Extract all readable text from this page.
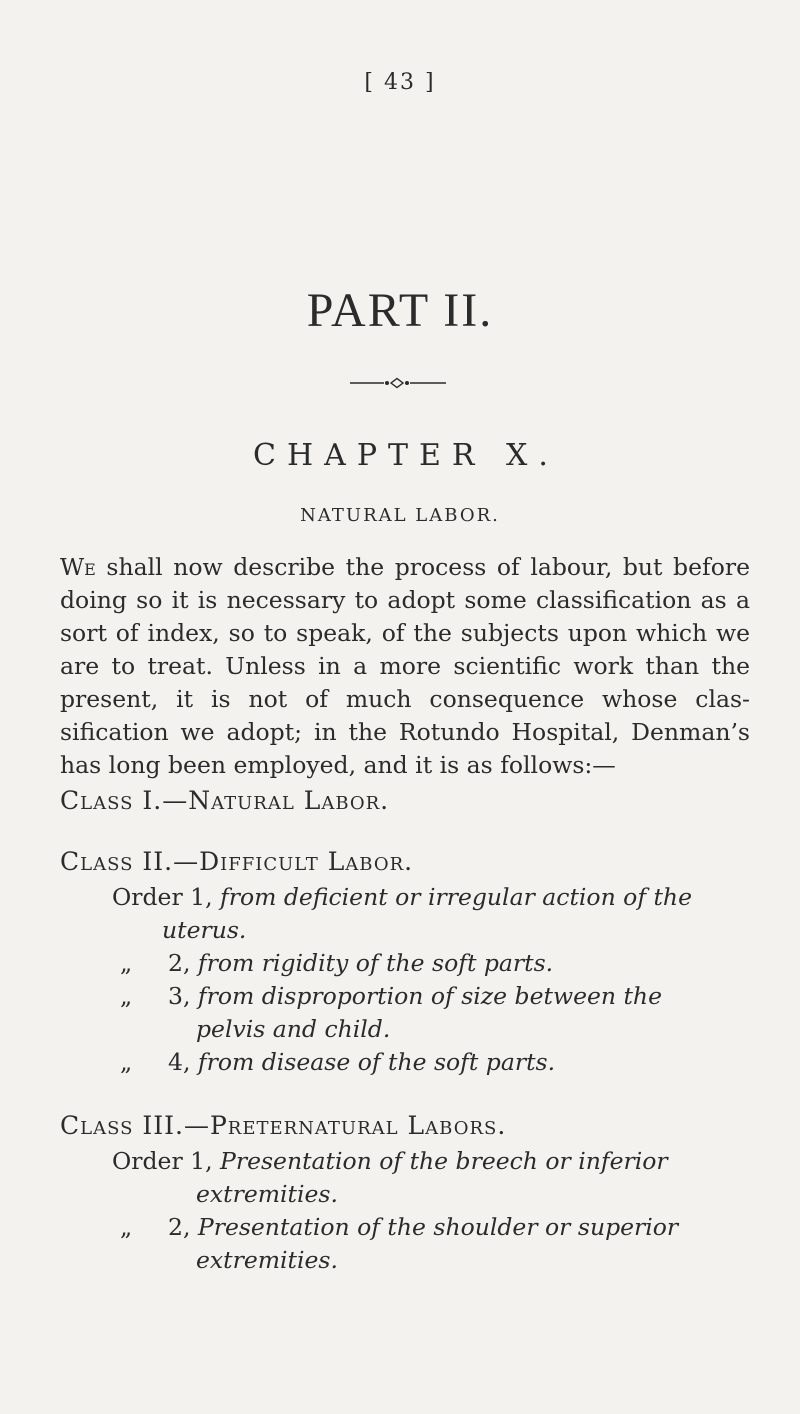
[ 43 ]
PART II.
CHAPTER X.
NATURAL LABOR.

We shall now describe the process of labour, but before doing so it is necessary to adopt some classification as a sort of index, so to speak, of the subjects upon which we are to treat. Unless in a more scientific work than the present, it is not of much consequence whose clas-sification we adopt; in the Rotundo Hospital, Denman’s has long been employed, and it is as follows:—

Class I.—Natural Labor.
Class II.—Difficult Labor.
Order 1, from deficient or irregular action of the
uterus.
„ 2, from rigidity of the soft parts.
„ 3, from disproportion of size between the
pelvis and child.
„ 4, from disease of the soft parts.
Class III.—Preternatural Labors.
Order 1, Presentation of the breech or inferior
extremities.
„ 2, Presentation of the shoulder or superior
extremities.
